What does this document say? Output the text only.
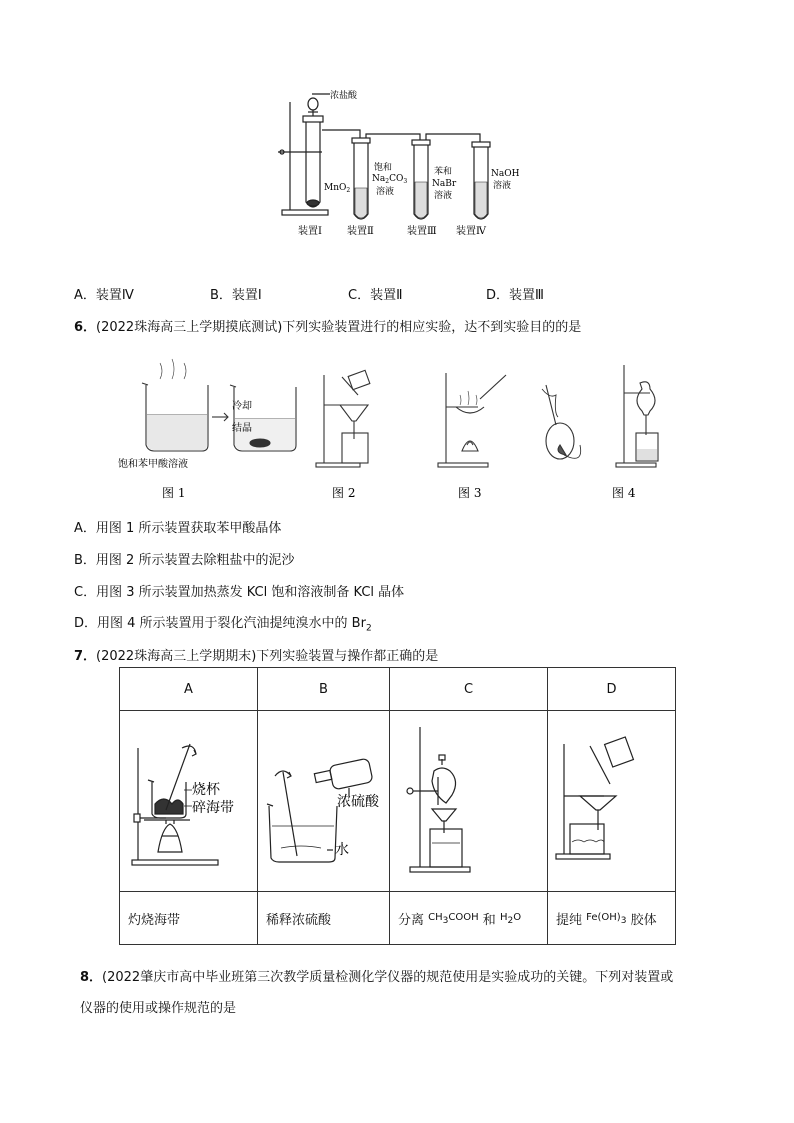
浓盐酸
MnO$_2$
饱和
$Na_2CO_3$
溶液
苯和
NaBr
溶液
NaOH
溶液
装置Ⅰ	装置Ⅱ	装置Ⅲ 装置Ⅳ
A．装置Ⅳ	B．装置Ⅰ	C．装置Ⅱ	D．装置Ⅲ
6．(2022珠海高三上学期摸底测试)下列实验装置进行的相应实验，达不到实验目的的是
冷却
结晶
饱和苯甲酸溶液
图 1	图 2	图 3	图 4
A．用图 1 所示装置获取苯甲酸晶体
B．用图 2 所示装置去除粗盐中的泥沙
C．用图 3 所示装置加热蒸发 KCl 饱和溶液制备 KCl 晶体
D．用图 4 所示装置用于裂化汽油提纯溴水中的 $Br_2$
7．(2022珠海高三上学期期末)下列实验装置与操作都正确的是
A	B	C	D

烧杯
碎海带	浓硫酸
水

灼烧海带	稀释浓硫酸	分离 $^{CH_3COOH}$ 和 $^{H_2O}$	提纯 $^{Fe(OH)_3}$ 胶体
8．(2022肇庆市高中毕业班第三次教学质量检测化学仪器的规范使用是实验成功的关键。下列对装置或
仪器的使用或操作规范的是
